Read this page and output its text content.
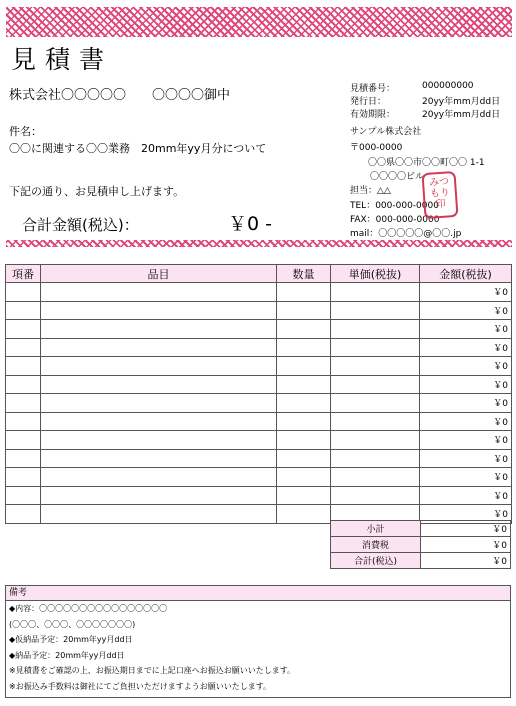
見積書
株式会社〇〇〇〇〇　　〇〇〇〇御中
件名：
〇〇に関連する〇〇業務　20mm年yy月分について
下記の通り、お見積申し上げます。
合計金額(税込)：	￥0 -
見積番号：	000000000
発行日：	20yy年mm月dd日
有効期限：	20yy年mm月dd日
サンプル株式会社
〒000-0000
〇〇県〇〇市〇〇町〇〇 1-1
〇〇〇〇ビル
担当：△△
TEL：000-000-0000
FAX：000-000-0000
mail：〇〇〇〇〇@〇〇.jp
みつ
もり
印
項番	品目	数量	単価(税抜)	金額(税抜)
				￥0
				￥0
				￥0
				￥0
				￥0
				￥0
				￥0
				￥0
				￥0
				￥0
				￥0
				￥0
				￥0
小計	￥0
消費税	￥0
合計(税込)	￥0
備考
◆内容：〇〇〇〇〇〇〇〇〇〇〇〇〇〇〇〇
(〇〇〇、〇〇〇、〇〇〇〇〇〇〇)
◆仮納品予定：20mm年yy月dd日
◆納品予定：20mm年yy月dd日
※見積書をご確認の上、お振込期日までに上記口座へお振込お願いいたします。
※お振込み手数料は御社にてご負担いただけますようお願いいたします。
